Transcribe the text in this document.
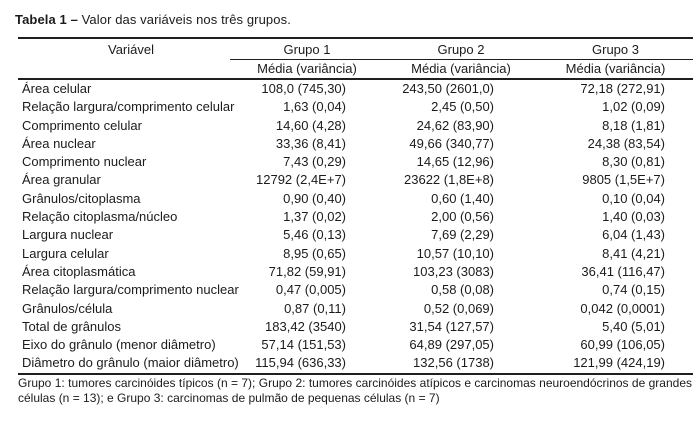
Tabela 1 – Valor das variáveis nos três grupos.
Variável	Grupo 1	Grupo 2	Grupo 3
	Média (variância)	Média (variância)	Média (variância)
Área celular	108,0 (745,30)	243,50 (2601,0)	72,18 (272,91)
Relação largura/comprimento celular	1,63 (0,04)	2,45 (0,50)	1,02 (0,09)
Comprimento celular	14,60 (4,28)	24,62 (83,90)	8,18 (1,81)
Área nuclear	33,36 (8,41)	49,66 (340,77)	24,38 (83,54)
Comprimento nuclear	7,43 (0,29)	14,65 (12,96)	8,30 (0,81)
Área granular	12792 (2,4E+7)	23622 (1,8E+8)	9805 (1,5E+7)
Grânulos/citoplasma	0,90 (0,40)	0,60 (1,40)	0,10 (0,04)
Relação citoplasma/núcleo	1,37 (0,02)	2,00 (0,56)	1,40 (0,03)
Largura nuclear	5,46 (0,13)	7,69 (2,29)	6,04 (1,43)
Largura celular	8,95 (0,65)	10,57 (10,10)	8,41 (4,21)
Área citoplasmática	71,82 (59,91)	103,23 (3083)	36,41 (116,47)
Relação largura/comprimento nuclear	0,47 (0,005)	0,58 (0,08)	0,74 (0,15)
Grânulos/célula	0,87 (0,11)	0,52 (0,069)	0,042 (0,0001)
Total de grânulos	183,42 (3540)	31,54 (127,57)	5,40 (5,01)
Eixo do grânulo (menor diâmetro)	57,14 (151,53)	64,89 (297,05)	60,99 (106,05)
Diâmetro do grânulo (maior diâmetro)	115,94 (636,33)	132,56 (1738)	121,99 (424,19)
Grupo 1: tumores carcinóides típicos (n = 7); Grupo 2: tumores carcinóides atípicos e carcinomas neuroendócrinos de grandes células (n = 13); e Grupo 3: carcinomas de pulmão de pequenas células (n = 7)
